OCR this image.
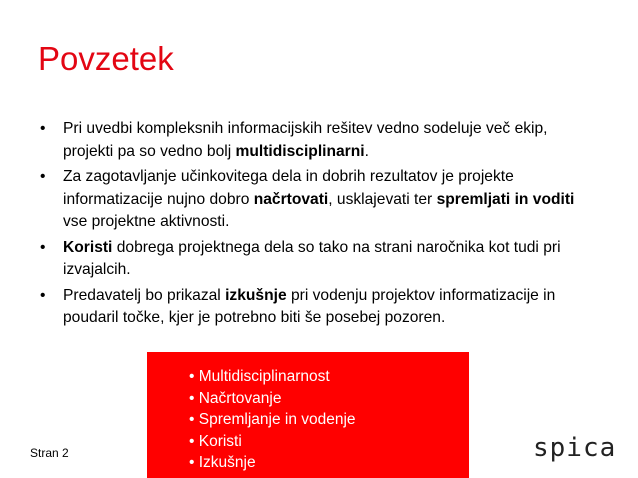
Povzetek
• Pri uvedbi kompleksnih informacijskih rešitev vedno sodeluje več ekip, projekti pa so vedno bolj multidisciplinarni.
• Za zagotavljanje učinkovitega dela in dobrih rezultatov je projekte informatizacije nujno dobro načrtovati, usklajevati ter spremljati in voditi vse projektne aktivnosti.
• Koristi dobrega projektnega dela so tako na strani naročnika kot tudi pri izvajalcih.
• Predavatelj bo prikazal izkušnje pri vodenju projektov informatizacije in poudaril točke, kjer je potrebno biti še posebej pozoren.
• Multidisciplinarnost
• Načrtovanje
• Spremljanje in vodenje
• Koristi
• Izkušnje
Stran 2	spica
